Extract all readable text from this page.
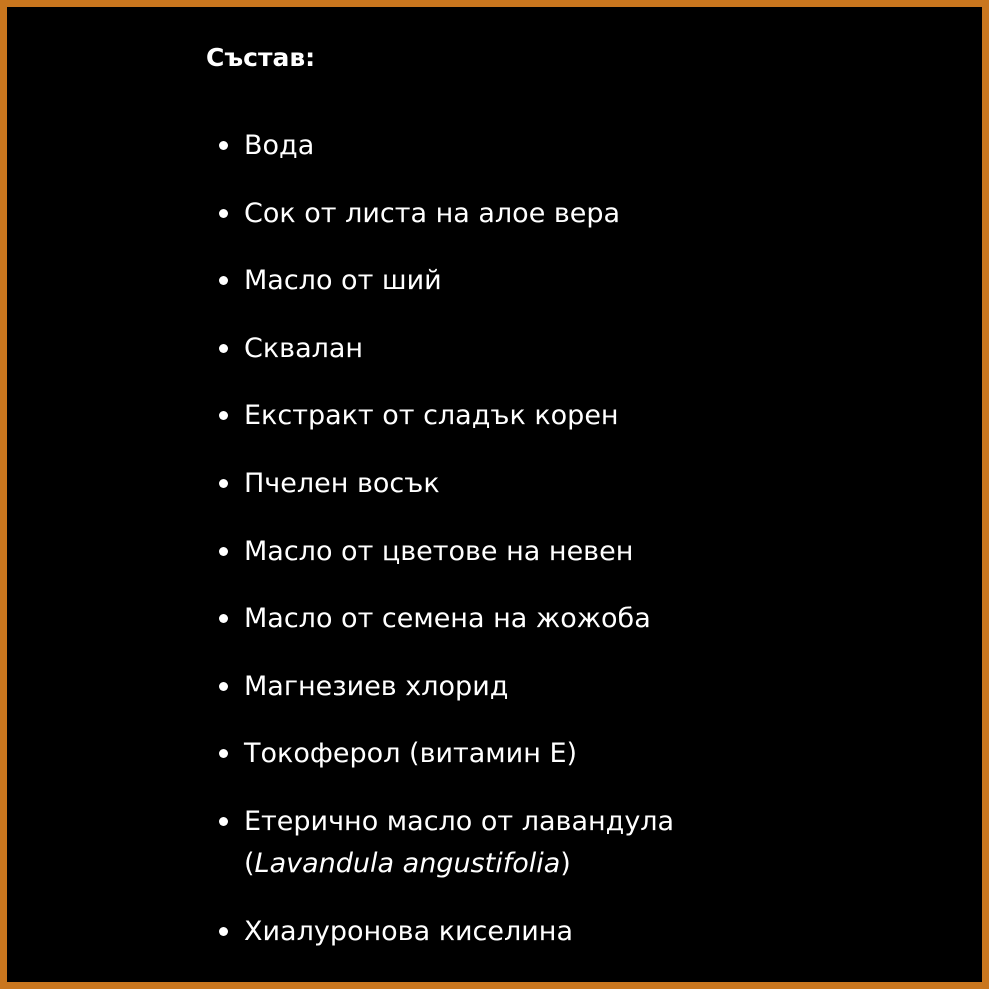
Състав:
Вода
Сок от листа на алое вера
Масло от ший
Сквалан
Екстракт от сладък корен
Пчелен восък
Масло от цветове на невен
Масло от семена на жожоба
Магнезиев хлорид
Токоферол (витамин Е)
Етерично масло от лавандула
(Lavandula angustifolia)
Хиалуронова киселина
